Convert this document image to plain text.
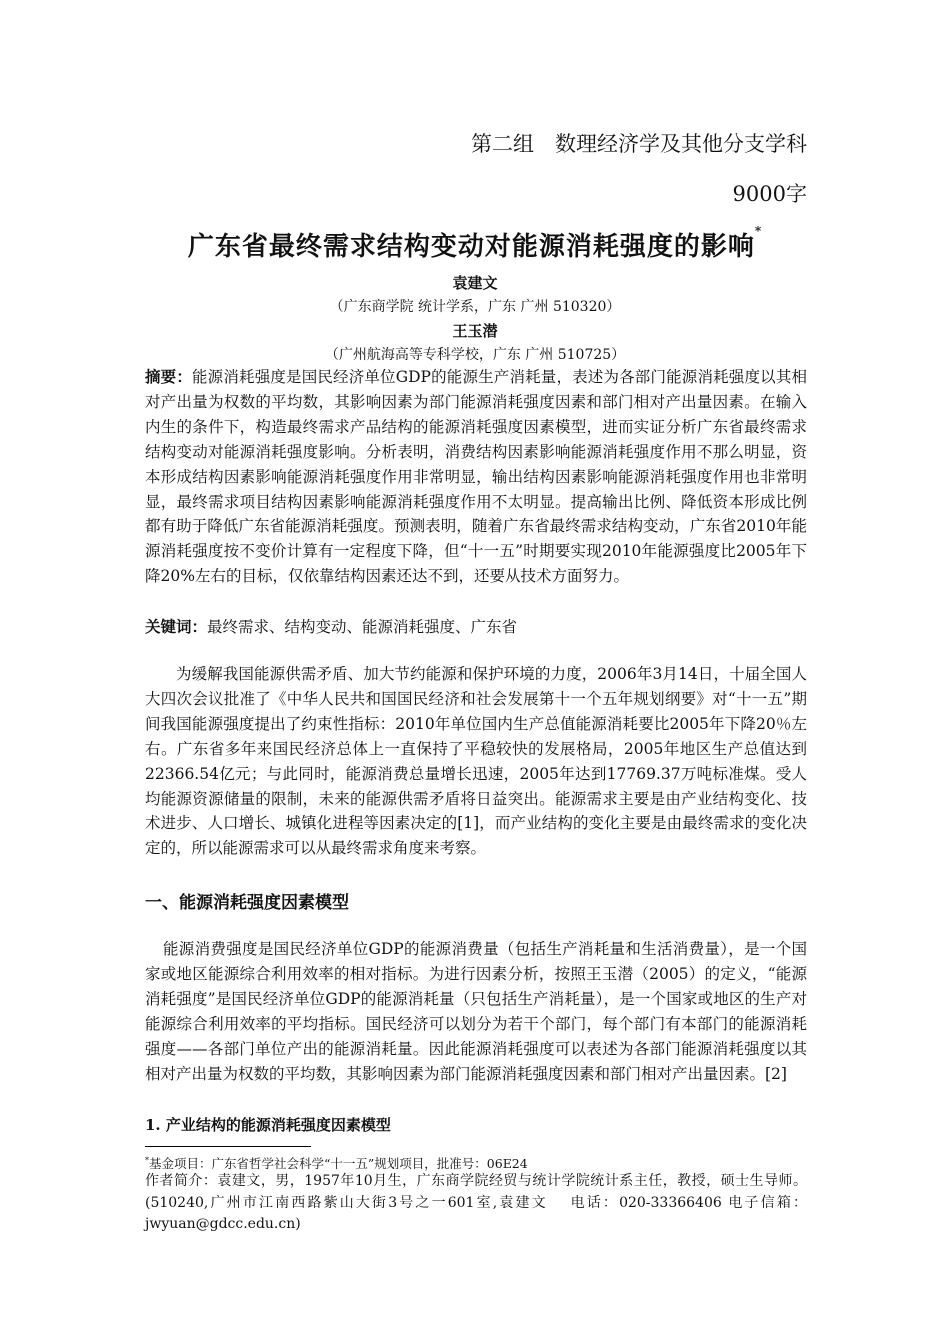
第二组　数理经济学及其他分支学科
9000字
广东省最终需求结构变动对能源消耗强度的影响*
袁建文
（广东商学院 统计学系，广东 广州 510320）
王玉潜
（广州航海高等专科学校，广东 广州 510725）
摘要：能源消耗强度是国民经济单位GDP的能源生产消耗量，表述为各部门能源消耗强度以其相对产出量为权数的平均数，其影响因素为部门能源消耗强度因素和部门相对产出量因素。在输入内生的条件下，构造最终需求产品结构的能源消耗强度因素模型，进而实证分析广东省最终需求结构变动对能源消耗强度影响。分析表明，消费结构因素影响能源消耗强度作用不那么明显，资本形成结构因素影响能源消耗强度作用非常明显，输出结构因素影响能源消耗强度作用也非常明显，最终需求项目结构因素影响能源消耗强度作用不太明显。提高输出比例、降低资本形成比例都有助于降低广东省能源消耗强度。预测表明，随着广东省最终需求结构变动，广东省2010年能源消耗强度按不变价计算有一定程度下降，但“十一五”时期要实现2010年能源强度比2005年下降20%左右的目标，仅依靠结构因素还达不到，还要从技术方面努力。
关键词：最终需求、结构变动、能源消耗强度、广东省
为缓解我国能源供需矛盾、加大节约能源和保护环境的力度，2006年3月14日，十届全国人大四次会议批准了《中华人民共和国国民经济和社会发展第十一个五年规划纲要》对“十一五”期间我国能源强度提出了约束性指标：2010年单位国内生产总值能源消耗要比2005年下降20％左右。广东省多年来国民经济总体上一直保持了平稳较快的发展格局，2005年地区生产总值达到22366.54亿元；与此同时，能源消费总量增长迅速，2005年达到17769.37万吨标准煤。受人均能源资源储量的限制，未来的能源供需矛盾将日益突出。能源需求主要是由产业结构变化、技术进步、人口增长、城镇化进程等因素决定的[1]，而产业结构的变化主要是由最终需求的变化决定的，所以能源需求可以从最终需求角度来考察。
一、能源消耗强度因素模型
能源消费强度是国民经济单位GDP的能源消费量（包括生产消耗量和生活消费量），是一个国家或地区能源综合利用效率的相对指标。为进行因素分析，按照王玉潜（2005）的定义，“能源消耗强度”是国民经济单位GDP的能源消耗量（只包括生产消耗量），是一个国家或地区的生产对能源综合利用效率的平均指标。国民经济可以划分为若干个部门，每个部门有本部门的能源消耗强度——各部门单位产出的能源消耗量。因此能源消耗强度可以表述为各部门能源消耗强度以其相对产出量为权数的平均数，其影响因素为部门能源消耗强度因素和部门相对产出量因素。[2]
1. 产业结构的能源消耗强度因素模型
*基金项目：广东省哲学社会科学“十一五”规划项目，批准号：06E24
作者简介：袁建文，男，1957年10月生，广东商学院经贸与统计学院统计系主任，教授，硕士生导师。(510240,广州市江南西路紫山大街3号之一601室,袁建文　 电话：020-33366406 电子信箱：jwyuan@gdcc.edu.cn)
